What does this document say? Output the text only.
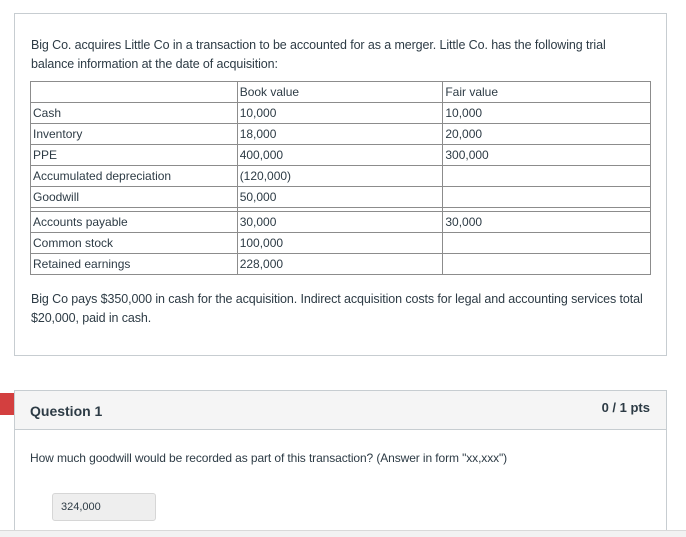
Big Co. acquires Little Co in a transaction to be accounted for as a merger. Little Co. has the following trial balance information at the date of acquisition:

	Book value	Fair value
Cash	10,000	10,000
Inventory	18,000	20,000
PPE	400,000	300,000
Accumulated depreciation	(120,000)	
Goodwill	50,000	

Accounts payable	30,000	30,000
Common stock	100,000	
Retained earnings	228,000	

Big Co pays $350,000 in cash for the acquisition. Indirect acquisition costs for legal and accounting services total $20,000, paid in cash.

Question 1	0 / 1 pts

How much goodwill would be recorded as part of this transaction? (Answer in form "xx,xxx")

324,000
